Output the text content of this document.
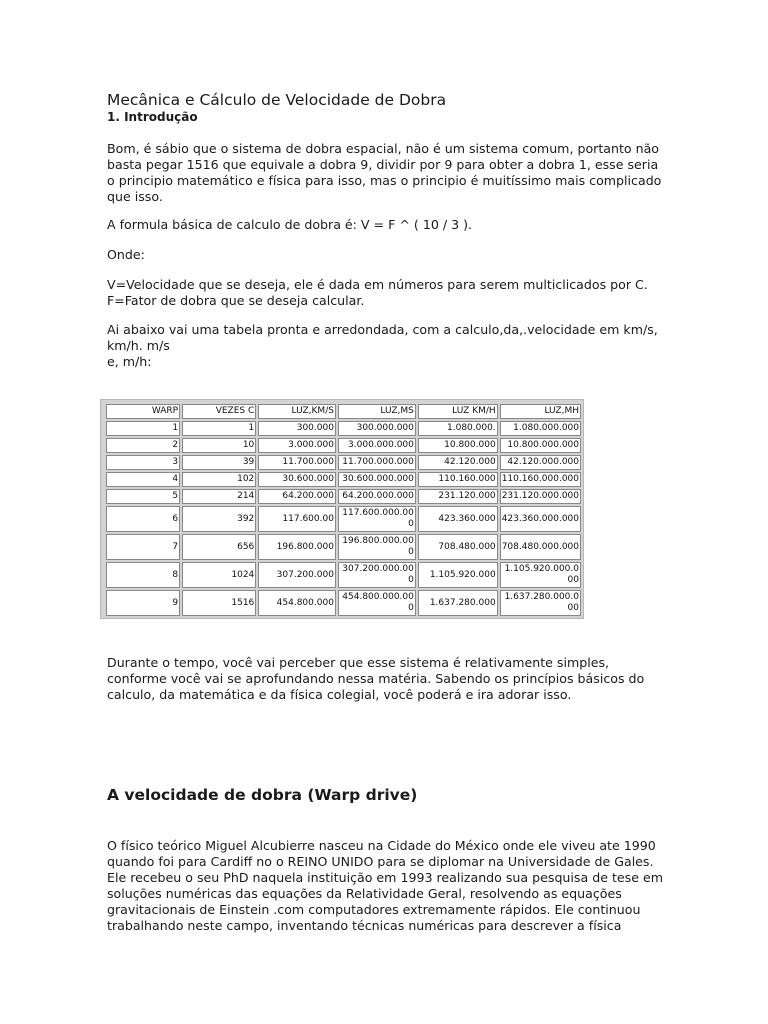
Mecânica e Cálculo de Velocidade de Dobra
1. Introdução

Bom, é sábio que o sistema de dobra espacial, não é um sistema comum, portanto não
basta pegar 1516 que equivale a dobra 9, dividir por 9 para obter a dobra 1, esse seria
o principio matemático e física para isso, mas o principio é muitíssimo mais complicado
que isso.

A formula básica de calculo de dobra é: V = F ^ ( 10 / 3 ).

Onde:

V=Velocidade que se deseja, ele é dada em números para serem multiclicados por C.
F=Fator de dobra que se deseja calcular.

Ai abaixo vai uma tabela pronta e arredondada, com a calculo,da,.velocidade em km/s,
km/h. m/s
e, m/h:

Durante o tempo, você vai perceber que esse sistema é relativamente simples,
conforme você vai se aprofundando nessa matéria. Sabendo os princípios básicos do
calculo, da matemática e da física colegial, você poderá e ira adorar isso.

A velocidade de dobra (Warp drive)

O físico teórico Miguel Alcubierre nasceu na Cidade do México onde ele viveu ate 1990
quando foi para Cardiff no o REINO UNIDO para se diplomar na Universidade de Gales.
Ele recebeu o seu PhD naquela instituição em 1993 realizando sua pesquisa de tese em
soluções numéricas das equações da Relatividade Geral, resolvendo as equações
gravitacionais de Einstein .com computadores extremamente rápidos. Ele continuou
trabalhando neste campo, inventando técnicas numéricas para descrever a física

WARP	VEZES C	LUZ,KM/S	LUZ,MS	LUZ KM/H	LUZ,MH
1	1	300.000	300.000.000	1.080.000.	1.080.000.000
2	10	3.000.000	3.000.000.000	10.800.000	10.800.000.000
3	39	11.700.000	11.700.000.000	42.120.000	42.120.000.000
4	102	30.600.000	30.600.000.000	110.160.000	110.160.000.000
5	214	64.200.000	64.200.000.000	231.120.000	231.120.000.000
6	392	117.600.00	117.600.000.000	423.360.000	423.360.000.000
7	656	196.800.000	196.800.000.000	708.480.000	708.480.000.000
8	1024	307.200.000	307.200.000.000	1.105.920.000	1.105.920.000.000
9	1516	454.800.000	454.800.000.000	1.637.280.000	1.637.280.000.000
